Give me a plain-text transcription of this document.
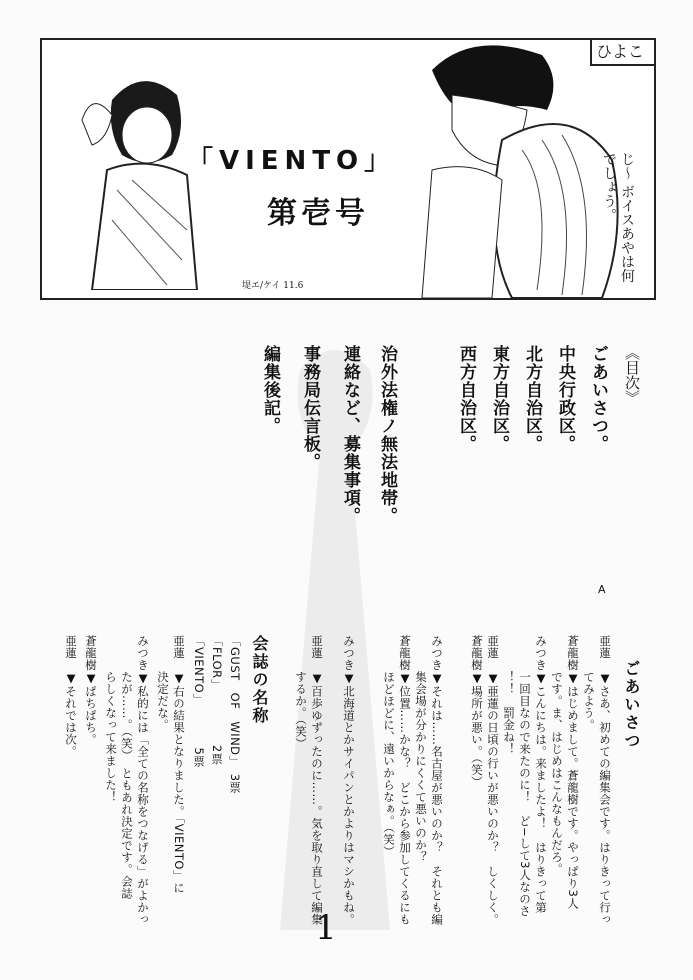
「VIENTO」
第壱号
ひよこ
じ〜 ボイスあやは何でしょう。
堤エ/ケイ 11.6
《目次》
ごあいさつ。
中央行政区。
北方自治区。
東方自治区。
西方自治区。
治外法権ノ無法地帯。
連絡など、募集事項。
事務局伝言板。
編集後記。
A
ごあいさつ
亜蓮　▼さあ、初めての編集会です。はりきって行っ
　　　てみよう。
蒼龍樹▼はじめまして。蒼龍樹です。やっぱり3人
　　　です。ま、はじめはこんなもんだろ。
みつき▼こんにちは。来ましたよ！　はりきって第
　　　一回目なので来たのに！　ど−して3人なのさ
　　　！！　罰金ね！
亜蓮　▼亜蓮の日頃の行いが悪いのか？　しくしく。
蒼龍樹▼場所が悪い。（笑）
みつき▼それは……名古屋が悪いのか？　それとも編
　　　集会場が分かりにくくて悪いのか？
蒼龍樹▼位置……かな？　どこから参加してくるにも
　　　ほどほどに、遠いからなぁ。（笑）
みつき▼北海道とかサイパンとかよりはマシかもね。
亜蓮　▼百歩ゆずったのに……。気を取り直して編集
　　　するか。（笑）
会誌の名称
「GUST　OF　WIND」　3票
「FLOR」　　　　　2票
「VIENTO」　　　　5票
亜蓮　▼右の結果となりました。「VIENTO」に
　　　決定だな。
みつき▼私的には「全ての名称をつなげる」がよかっ
　　　たが……。（笑）　ともあれ決定です。会誌
　　　らしくなって来ました！
蒼龍樹▼ぱちぱち。
亜蓮　▼それでは次。
1
